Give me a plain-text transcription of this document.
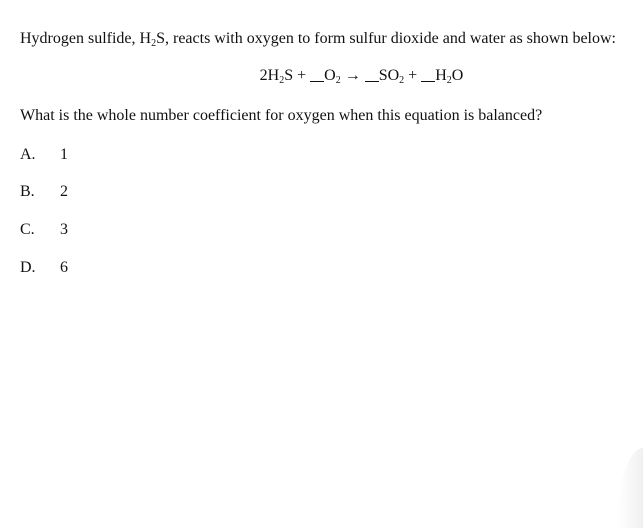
Hydrogen sulfide, $H_2S$, reacts with oxygen to form sulfur dioxide and water as shown below:
$2H_2S + O_2 \to SO_2 + H_2O$
What is the whole number coefficient for oxygen when this equation is balanced?
A. 1
B. 2
C. 3
D. 6
